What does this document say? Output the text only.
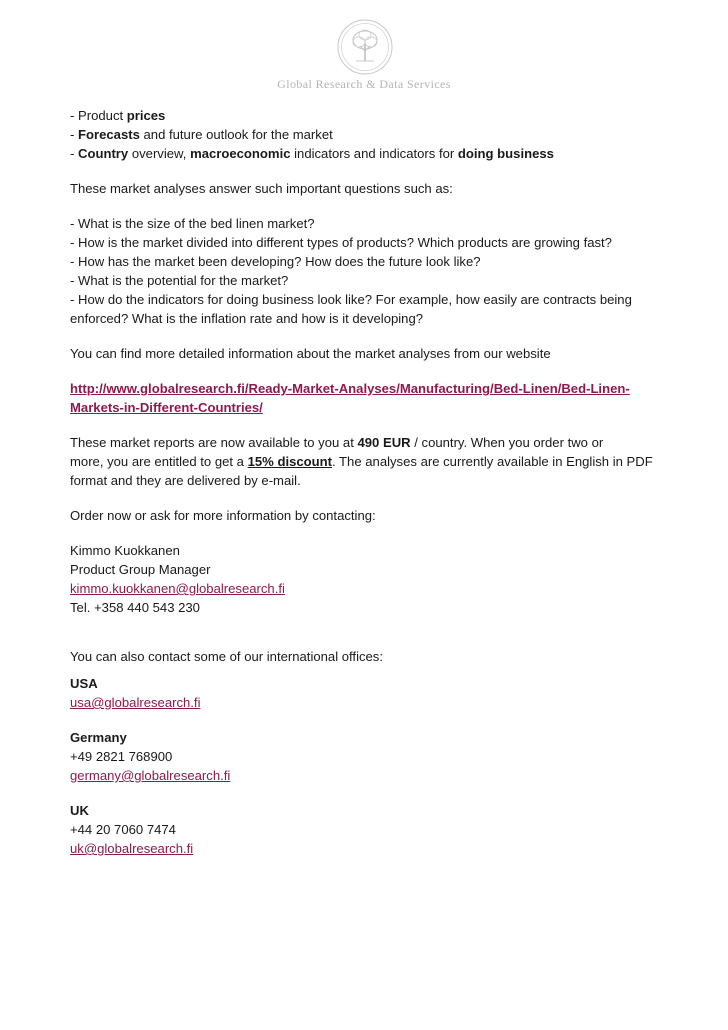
Global Research & Data Services
- Product prices
- Forecasts and future outlook for the market
- Country overview, macroeconomic indicators and indicators for doing business
These market analyses answer such important questions such as:
- What is the size of the bed linen market?
- How is the market divided into different types of products? Which products are growing fast?
- How has the market been developing? How does the future look like?
- What is the potential for the market?
- How do the indicators for doing business look like? For example, how easily are contracts being
enforced? What is the inflation rate and how is it developing?
You can find more detailed information about the market analyses from our website
http://www.globalresearch.fi/Ready-Market-Analyses/Manufacturing/Bed-Linen/Bed-Linen-
Markets-in-Different-Countries/
These market reports are now available to you at 490 EUR / country. When you order two or
more, you are entitled to get a 15% discount. The analyses are currently available in English in PDF
format and they are delivered by e-mail.
Order now or ask for more information by contacting:
Kimmo Kuokkanen
Product Group Manager
kimmo.kuokkanen@globalresearch.fi
Tel. +358 440 543 230
You can also contact some of our international offices:
USA
usa@globalresearch.fi
Germany
+49 2821 768900
germany@globalresearch.fi
UK
+44 20 7060 7474
uk@globalresearch.fi
